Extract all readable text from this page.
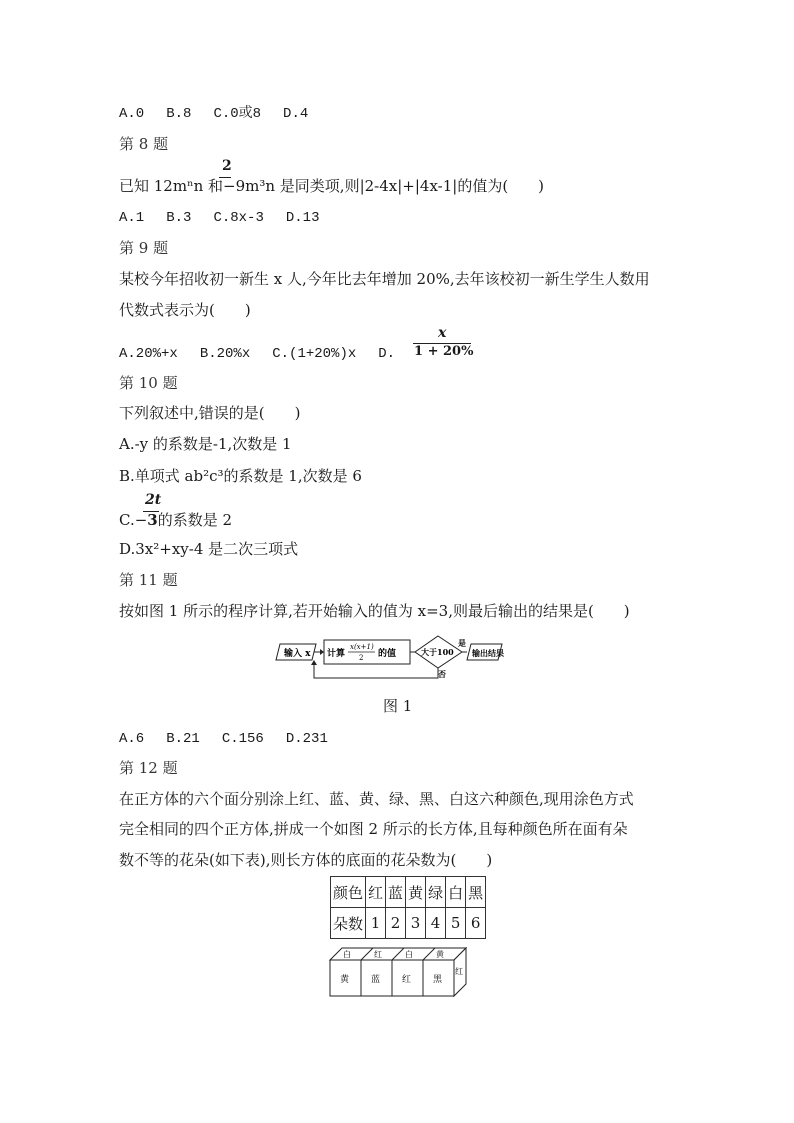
A.0 B.8 C.0或8 D.4
第 8 题
2
已知 12mⁿn 和−9m³n 是同类项,则|2-4x|+|4x-1|的值为(　　)
A.1 B.3 C.8x-3 D.13
第 9 题
某校今年招收初一新生 x 人,今年比去年增加 20%,去年该校初一新生学生人数用
代数式表示为(　　)
A.20%+x B.20%x C.(1+20%)x D.
x
1 + 20%
第 10 题
下列叙述中,错误的是(　　)
A.-y 的系数是-1,次数是 1
B.单项式 ab²c³的系数是 1,次数是 6
2t
C.−3的系数是 2
D.3x²+xy-4 是二次三项式
第 11 题
按如图 1 所示的程序计算,若开始输入的值为 x=3,则最后输出的结果是(　　)
输入 x 计算
x(x+1)
2 的值	大于100
是
输出结果
否
图 1
A.6 B.21 C.156 D.231
第 12 题
在正方体的六个面分别涂上红、蓝、黄、绿、黑、白这六种颜色,现用涂色方式
完全相同的四个正方体,拼成一个如图 2 所示的长方体,且每种颜色所在面有朵
数不等的花朵(如下表),则长方体的底面的花朵数为(　　)
颜色	红	蓝	黄	绿	白	黑
朵数	1	2	3	4	5	6
白	红	白	黄
黄 蓝 红 黑
红
